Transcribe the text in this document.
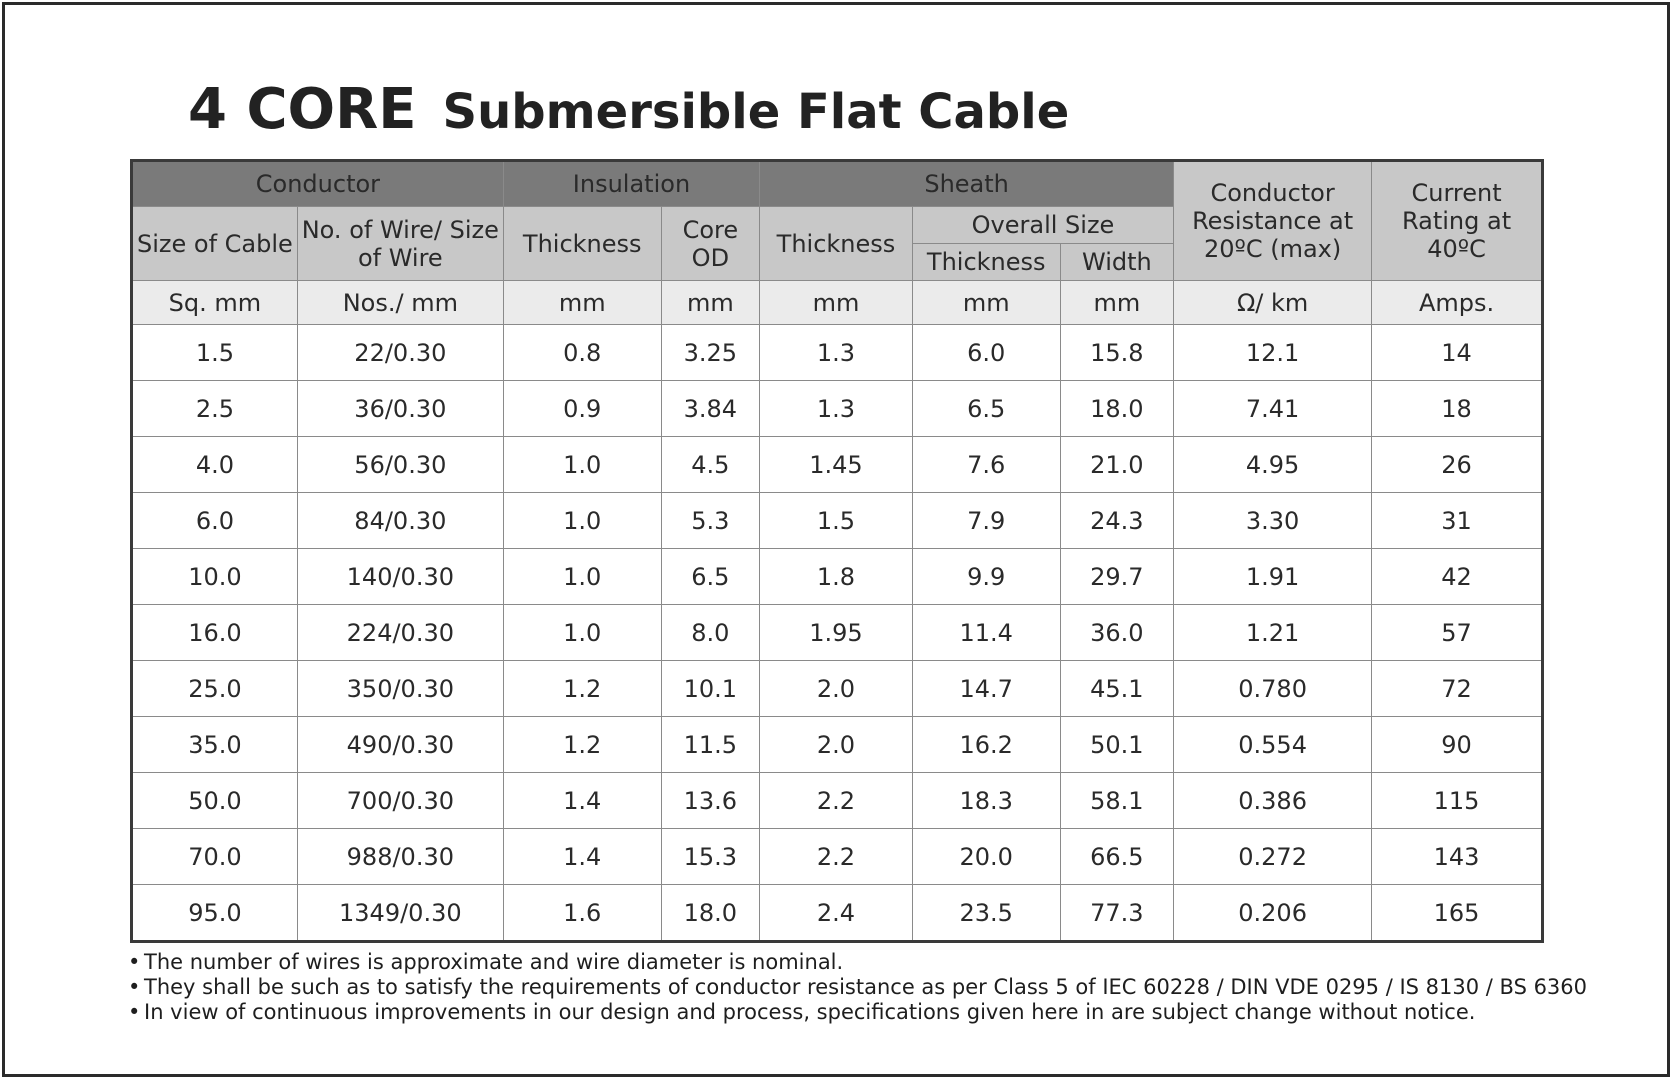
4 CORE Submersible Flat Cable
Conductor		Insulation		Sheath			Conductor Resistance at 20ºC (max)	Current Rating at 40ºC
Size of Cable	No. of Wire/ Size of Wire	Thickness	Core OD	Thickness	Overall Size			
					Thickness	Width		
Sq. mm	Nos./ mm	mm	mm	mm	mm	mm	Ω/ km	Amps.
1.5	22/0.30	0.8	3.25	1.3	6.0	15.8	12.1	14
2.5	36/0.30	0.9	3.84	1.3	6.5	18.0	7.41	18
4.0	56/0.30	1.0	4.5	1.45	7.6	21.0	4.95	26
6.0	84/0.30	1.0	5.3	1.5	7.9	24.3	3.30	31
10.0	140/0.30	1.0	6.5	1.8	9.9	29.7	1.91	42
16.0	224/0.30	1.0	8.0	1.95	11.4	36.0	1.21	57
25.0	350/0.30	1.2	10.1	2.0	14.7	45.1	0.780	72
35.0	490/0.30	1.2	11.5	2.0	16.2	50.1	0.554	90
50.0	700/0.30	1.4	13.6	2.2	18.3	58.1	0.386	115
70.0	988/0.30	1.4	15.3	2.2	20.0	66.5	0.272	143
95.0	1349/0.30	1.6	18.0	2.4	23.5	77.3	0.206	165
• The number of wires is approximate and wire diameter is nominal.
• They shall be such as to satisfy the requirements of conductor resistance as per Class 5 of IEC 60228 / DIN VDE 0295 / IS 8130 / BS 6360
• In view of continuous improvements in our design and process, specifications given here in are subject change without notice.
